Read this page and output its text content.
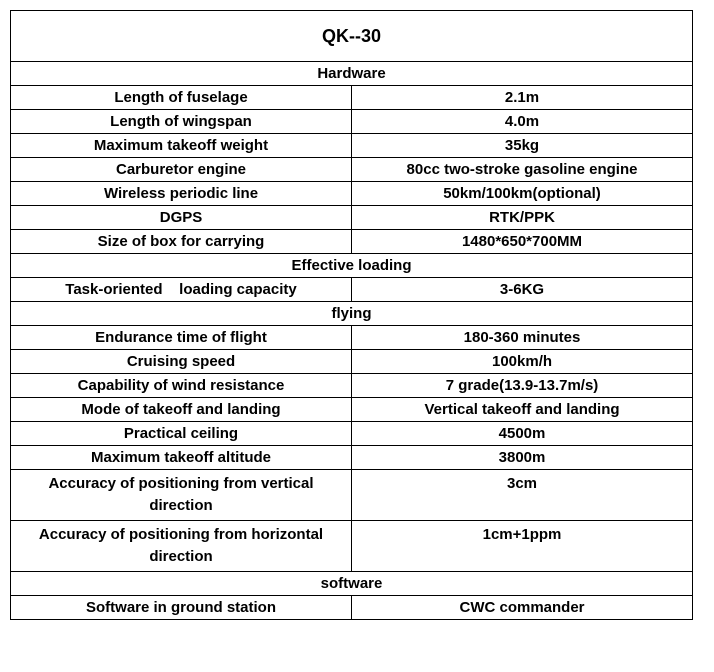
QK--30	
Hardware	
Length of fuselage	2.1m
Length of wingspan	4.0m
Maximum takeoff weight	35kg
Carburetor engine	80cc two-stroke gasoline engine
Wireless periodic line	50km/100km(optional)
DGPS	RTK/PPK
Size of box for carrying	1480*650*700MM
Effective loading	
Task-oriented    loading capacity	3-6KG
flying	
Endurance time of flight	180-360 minutes
Cruising speed	100km/h
Capability of wind resistance	7 grade(13.9-13.7m/s)
Mode of takeoff and landing	Vertical takeoff and landing
Practical ceiling	4500m
Maximum takeoff altitude	3800m
Accuracy of positioning from vertical direction	3cm
Accuracy of positioning from horizontal direction	1cm+1ppm
software	
Software in ground station	CWC commander
